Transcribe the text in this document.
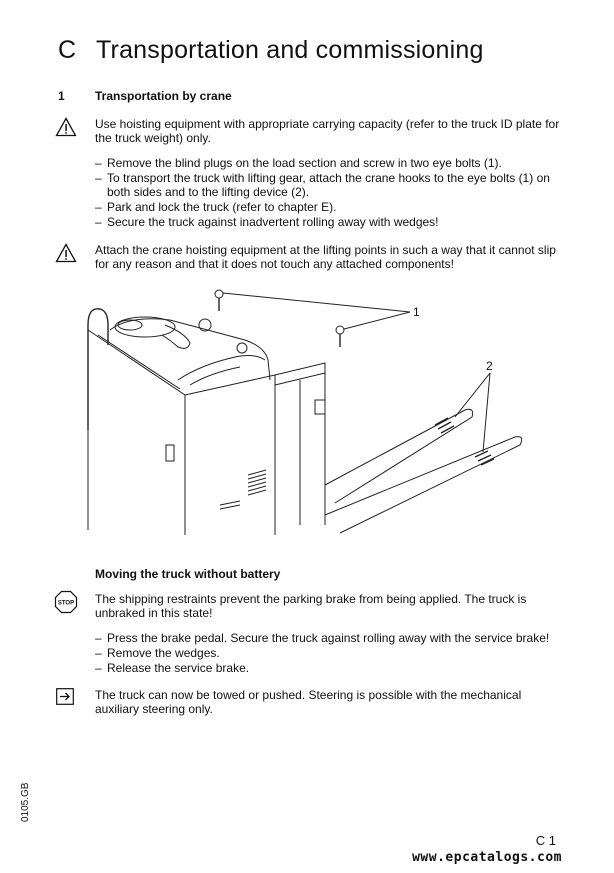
C Transportation and commissioning
1	Transportation by crane
Use hoisting equipment with appropriate carrying capacity (refer to the truck ID plate for the truck weight) only.
– Remove the blind plugs on the load section and screw in two eye bolts (1).
– To transport the truck with lifting gear, attach the crane hooks to the eye bolts (1) on both sides and to the lifting device (2).
– Park and lock the truck (refer to chapter E).
– Secure the truck against inadvertent rolling away with wedges!
Attach the crane hoisting equipment at the lifting points in such a way that it cannot slip for any reason and that it does not touch any attached components!
1
2
Moving the truck without battery
STOP The shipping restraints prevent the parking brake from being applied. The truck is unbraked in this state!
– Press the brake pedal. Secure the truck against rolling away with the service brake!
– Remove the wedges.
– Release the service brake.
The truck can now be towed or pushed. Steering is possible with the mechanical auxiliary steering only.
0105.GB
C 1
www.epcatalogs.com
